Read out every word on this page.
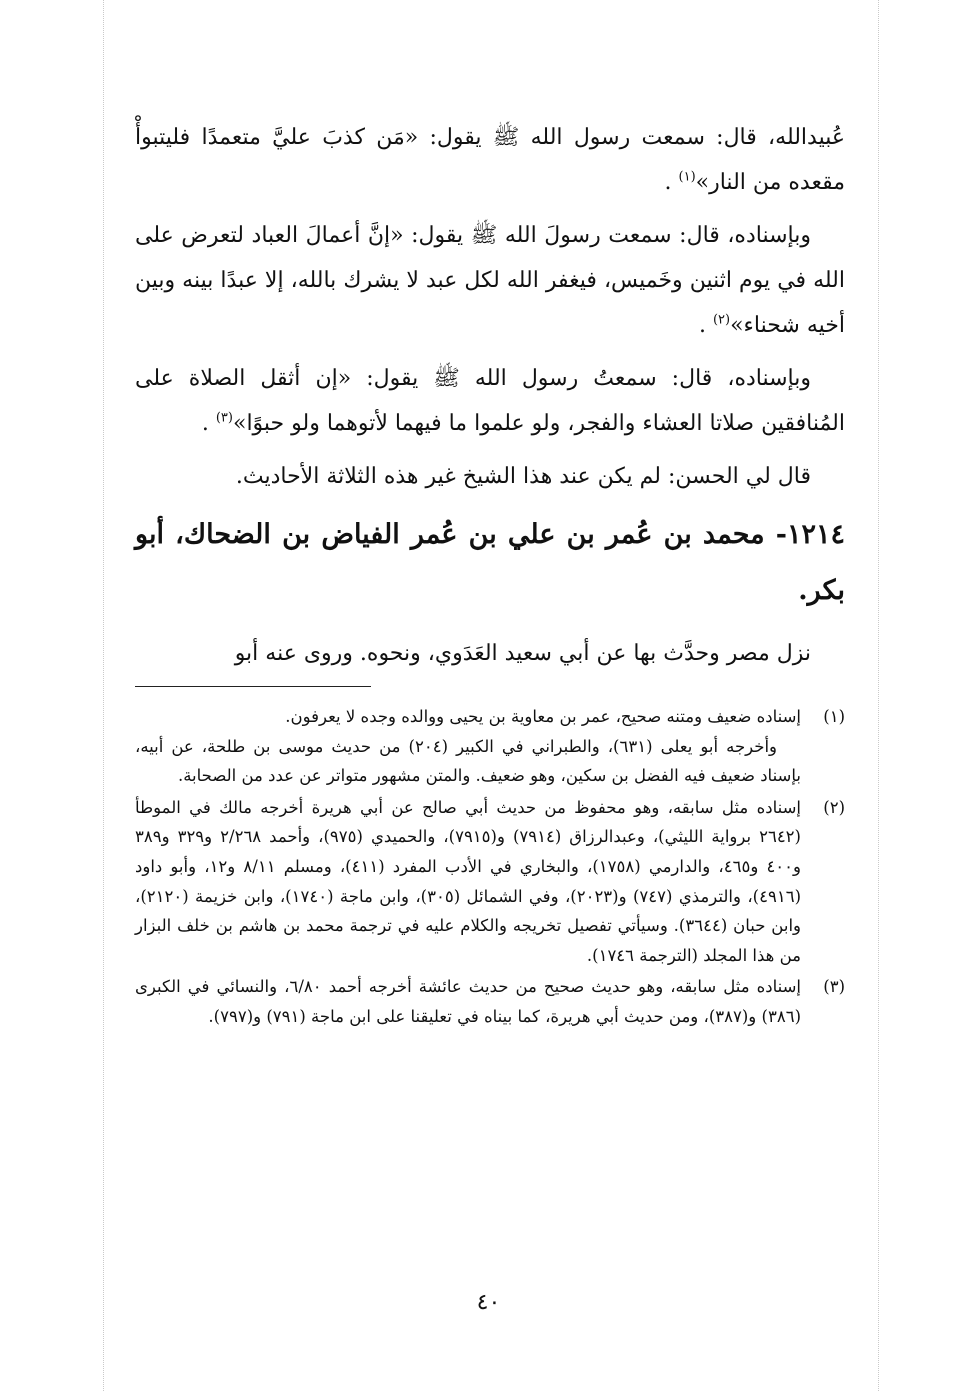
عُبيدالله، قال: سمعت رسول الله ﷺ يقول: «مَن كذبَ عليَّ متعمدًا فليتبوأْ مقعده من النار»$^{(١)}$ .

وبإسناده، قال: سمعت رسولَ الله ﷺ يقول: «إنَّ أعمالَ العباد لتعرض على الله في يوم اثنين وخَميس، فيغفر الله لكل عبد لا يشرك بالله، إلا عبدًا بينه وبين أخيه شحناء»$^{(٢)}$ .

وبإسناده، قال: سمعتُ رسول الله ﷺ يقول: «إن أثقل الصلاة على المُنافقين صلاتا العشاء والفجر، ولو علموا ما فيهما لأتوهما ولو حبوًا»$^{(٣)}$ .

قال لي الحسن: لم يكن عند هذا الشيخ غير هذه الثلاثة الأحاديث.

١٢١٤- محمد بن عُمر بن علي بن عُمر الفياض بن الضحاك، أبو بكر.

نزل مصر وحدَّث بها عن أبي سعيد العَدَوي، ونحوه. وروى عنه أبو

(١)
إسناده ضعيف ومتنه صحيح، عمر بن معاوية بن يحيى ووالده وجده لا يعرفون.
وأخرجه أبو يعلى (٦٣١)، والطبراني في الكبير (٢٠٤) من حديث موسى بن طلحة، عن أبيه، بإسناد ضعيف فيه الفضل بن سكين، وهو ضعيف. والمتن مشهور متواتر عن عدد من الصحابة.
(٢)
إسناده مثل سابقه، وهو محفوظ من حديث أبي صالح عن أبي هريرة أخرجه مالك في الموطأ (٢٦٤٢ برواية الليثي)، وعبدالرزاق (٧٩١٤) و(٧٩١٥)، والحميدي (٩٧٥)، وأحمد ٢/٢٦٨ و٣٢٩ و٣٨٩ و٤٠٠ و٤٦٥، والدارمي (١٧٥٨)، والبخاري في الأدب المفرد (٤١١)، ومسلم ٨/١١ و١٢، وأبو داود (٤٩١٦)، والترمذي (٧٤٧) و(٢٠٢٣)، وفي الشمائل (٣٠٥)، وابن ماجة (١٧٤٠)، وابن خزيمة (٢١٢٠)، وابن حبان (٣٦٤٤). وسيأتي تفصيل تخريجه والكلام عليه في ترجمة محمد بن هاشم بن خلف البزار من هذا المجلد (الترجمة ١٧٤٦).
(٣)
إسناده مثل سابقه، وهو حديث صحيح من حديث عائشة أخرجه أحمد ٦/٨٠، والنسائي في الكبرى (٣٨٦) و(٣٨٧)، ومن حديث أبي هريرة، كما بيناه في تعليقنا على ابن ماجة (٧٩١) و(٧٩٧).
٤٠
